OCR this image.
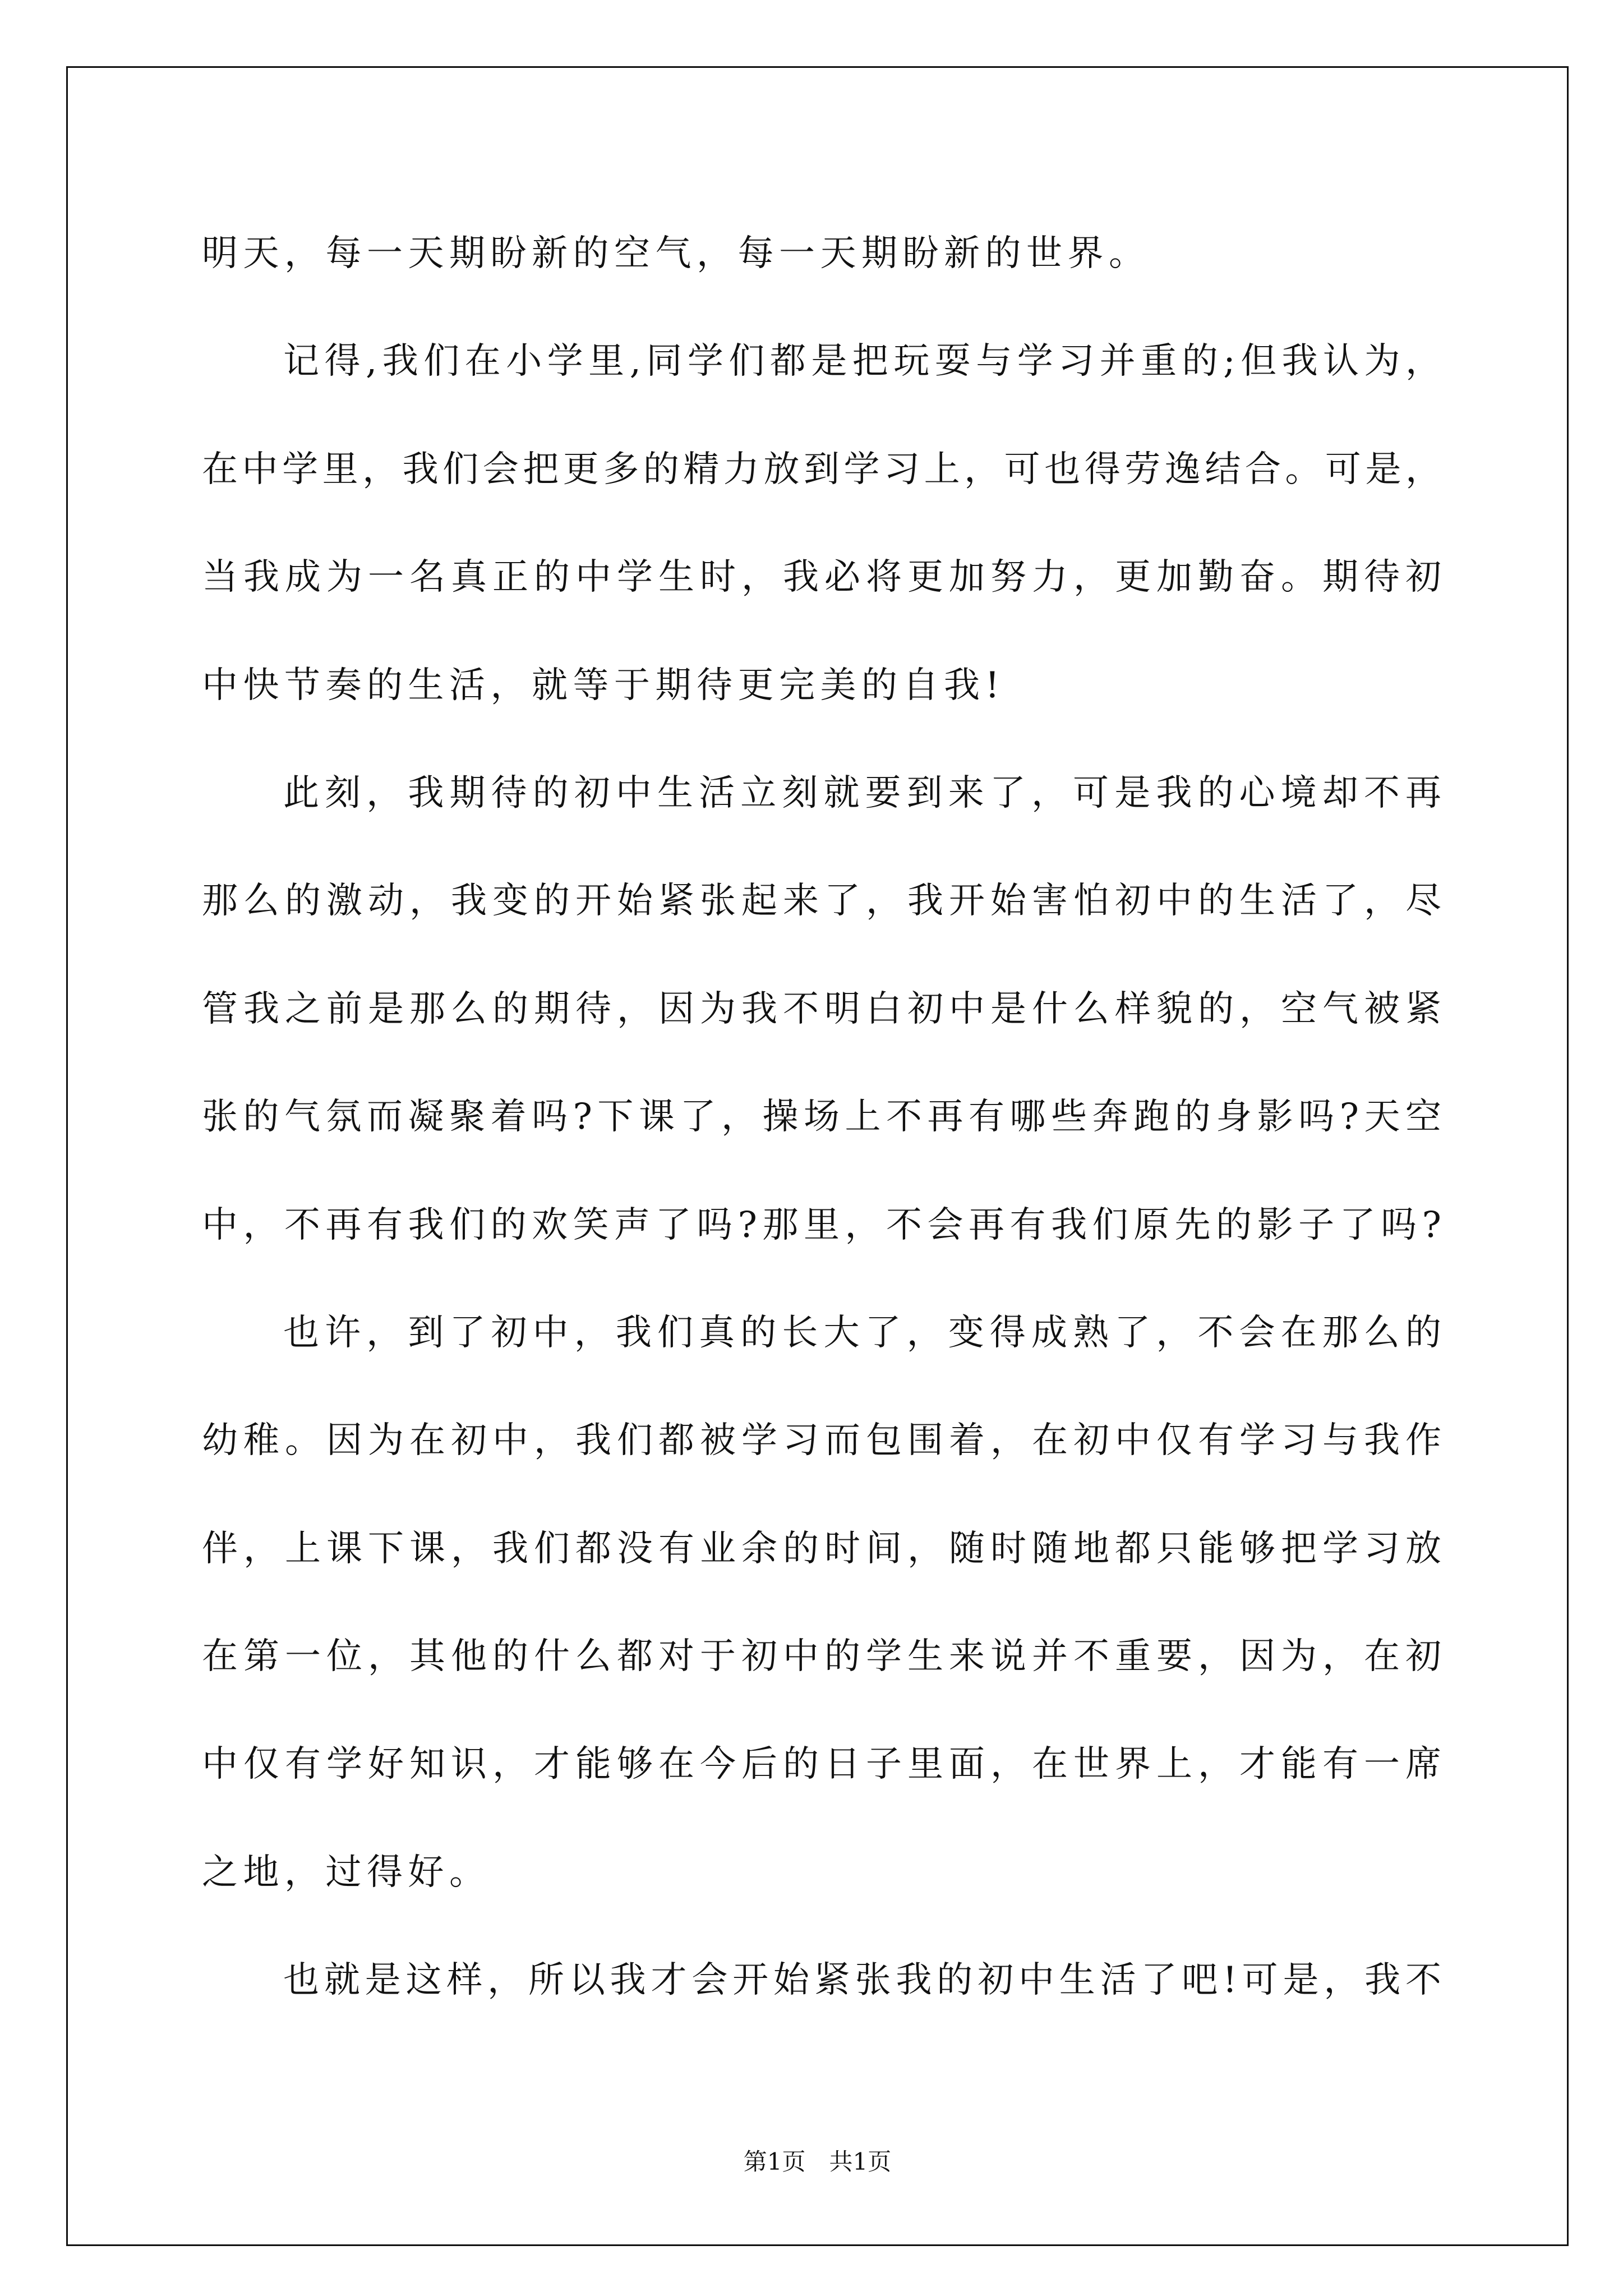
明天，每一天期盼新的空气，每一天期盼新的世界。
记得,我们在小学里,同学们都是把玩耍与学习并重的;但我认为，
在中学里，我们会把更多的精力放到学习上，可也得劳逸结合。可是，
当我成为一名真正的中学生时，我必将更加努力，更加勤奋。期待初
中快节奏的生活，就等于期待更完美的自我!
此刻，我期待的初中生活立刻就要到来了，可是我的心境却不再
那么的激动，我变的开始紧张起来了，我开始害怕初中的生活了，尽
管我之前是那么的期待，因为我不明白初中是什么样貌的，空气被紧
张的气氛而凝聚着吗?下课了，操场上不再有哪些奔跑的身影吗?天空
中，不再有我们的欢笑声了吗?那里，不会再有我们原先的影子了吗?
也许，到了初中，我们真的长大了，变得成熟了，不会在那么的
幼稚。因为在初中，我们都被学习而包围着，在初中仅有学习与我作
伴，上课下课，我们都没有业余的时间，随时随地都只能够把学习放
在第一位，其他的什么都对于初中的学生来说并不重要，因为，在初
中仅有学好知识，才能够在今后的日子里面，在世界上，才能有一席
之地，过得好。
也就是这样，所以我才会开始紧张我的初中生活了吧!可是，我不
第1页　共1页
